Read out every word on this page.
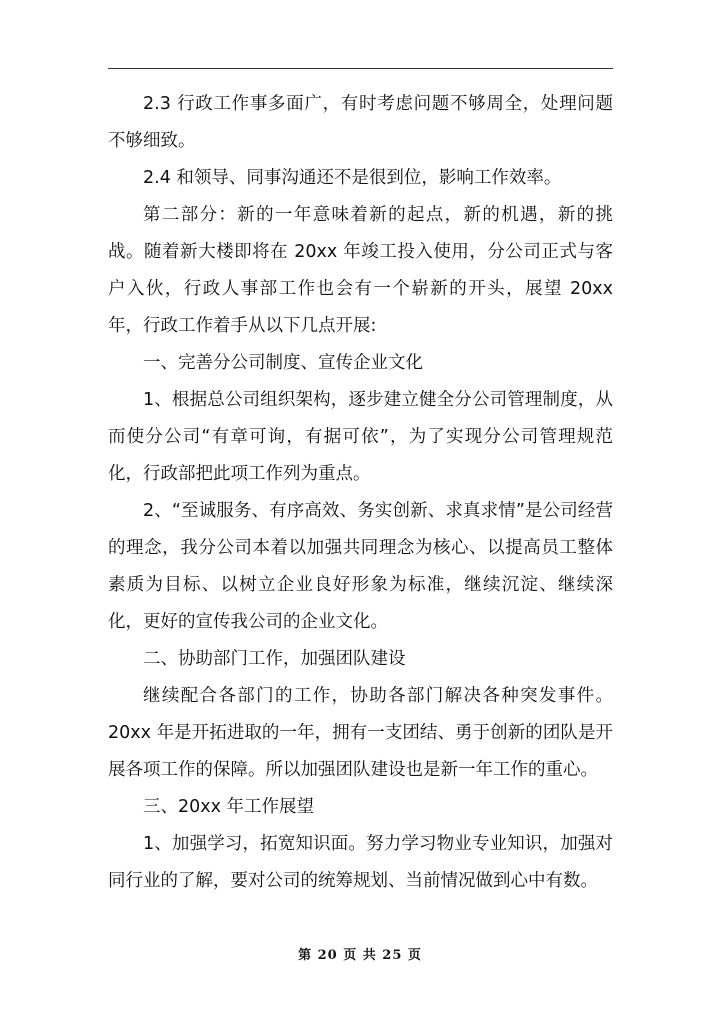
2.3 行政工作事多面广，有时考虑问题不够周全，处理问题不够细致。

2.4 和领导、同事沟通还不是很到位，影响工作效率。

第二部分：新的一年意味着新的起点，新的机遇，新的挑战。随着新大楼即将在 20xx 年竣工投入使用，分公司正式与客户入伙，行政人事部工作也会有一个崭新的开头，展望 20xx 年，行政工作着手从以下几点开展:

一、完善分公司制度、宣传企业文化

1、根据总公司组织架构，逐步建立健全分公司管理制度，从而使分公司“有章可询，有据可依”，为了实现分公司管理规范化，行政部把此项工作列为重点。

2、“至诚服务、有序高效、务实创新、求真求情”是公司经营的理念，我分公司本着以加强共同理念为核心、以提高员工整体素质为目标、以树立企业良好形象为标准，继续沉淀、继续深化，更好的宣传我公司的企业文化。

二、协助部门工作，加强团队建设

继续配合各部门的工作，协助各部门解决各种突发事件。20xx 年是开拓进取的一年，拥有一支团结、勇于创新的团队是开展各项工作的保障。所以加强团队建设也是新一年工作的重心。

三、20xx 年工作展望

1、加强学习，拓宽知识面。努力学习物业专业知识，加强对同行业的了解，要对公司的统筹规划、当前情况做到心中有数。

第 20 页 共 25 页
